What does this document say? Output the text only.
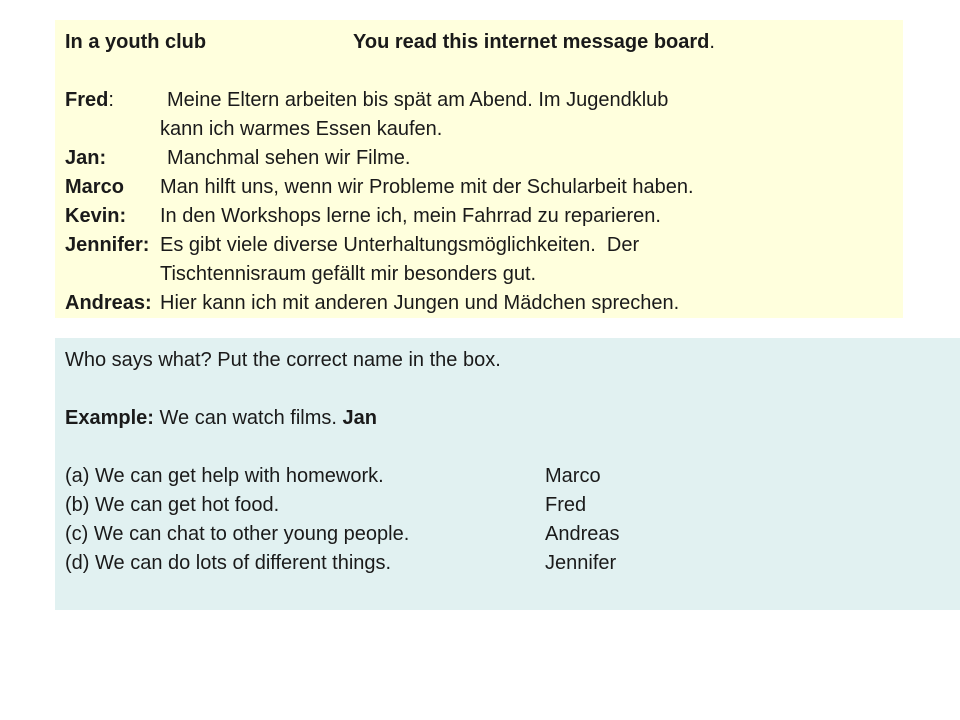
In a youth club	You read this internet message board.
Fred:	Meine Eltern arbeiten bis spät am Abend. Im Jugendklub
kann ich warmes Essen kaufen.
Jan:	Manchmal sehen wir Filme.
Marco Man hilft uns, wenn wir Probleme mit der Schularbeit haben.
Kevin: In den Workshops lerne ich, mein Fahrrad zu reparieren.
Jennifer: Es gibt viele diverse Unterhaltungsmöglichkeiten.  Der
Tischtennisraum gefällt mir besonders gut.
Andreas: Hier kann ich mit anderen Jungen und Mädchen sprechen.
Who says what? Put the correct name in the box.
Example: We can watch films. Jan
(a) We can get help with homework.	Marco
(b) We can get hot food.	Fred
(c) We can chat to other young people.	Andreas
(d) We can do lots of different things.	Jennifer
